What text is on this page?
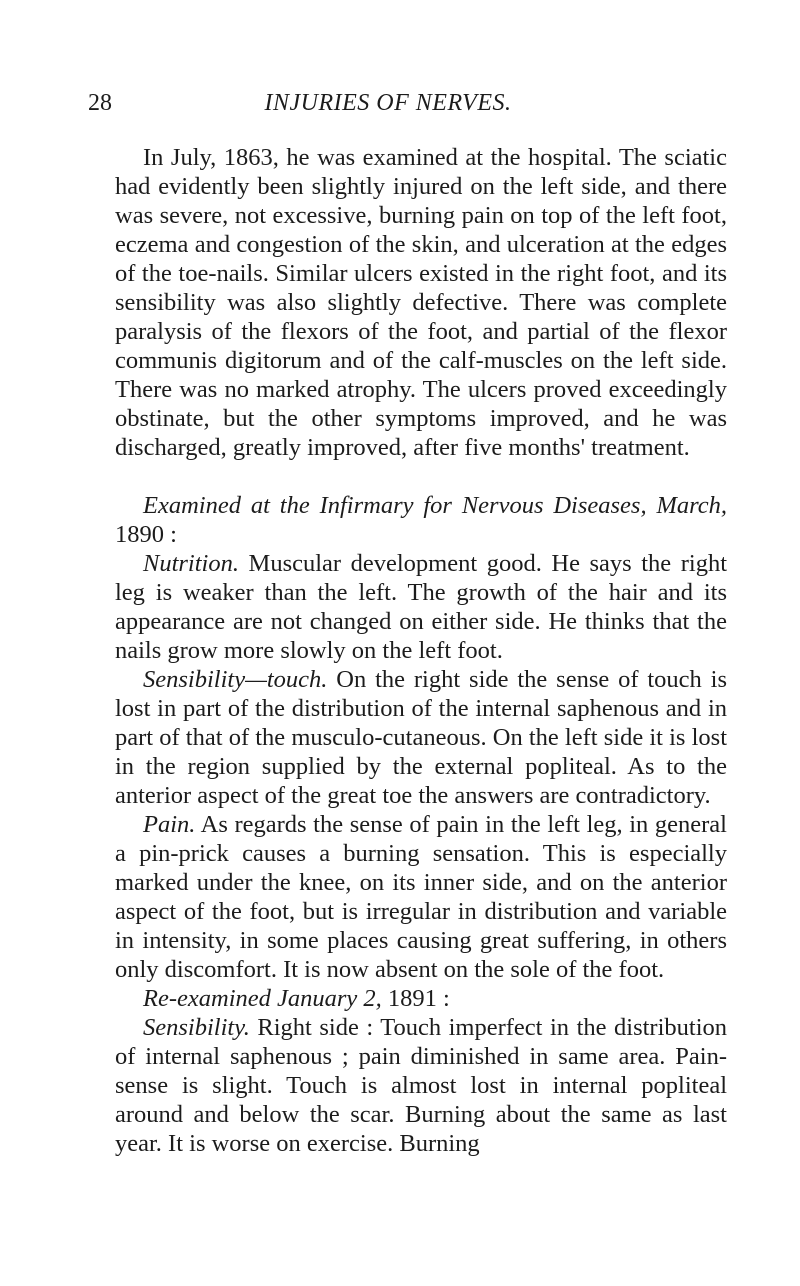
28	INJURIES OF NERVES.

In July, 1863, he was examined at the hospital. The sciatic had evidently been slightly injured on the left side, and there was severe, not excessive, burning pain on top of the left foot, eczema and congestion of the skin, and ulceration at the edges of the toe-nails. Similar ulcers existed in the right foot, and its sensibility was also slightly defective. There was complete paralysis of the flexors of the foot, and partial of the flexor communis digitorum and of the calf-muscles on the left side. There was no marked atrophy. The ulcers proved exceedingly obstinate, but the other symptoms improved, and he was discharged, greatly improved, after five months' treatment.

Examined at the Infirmary for Nervous Diseases, March, 1890 :

Nutrition. Muscular development good. He says the right leg is weaker than the left. The growth of the hair and its appearance are not changed on either side. He thinks that the nails grow more slowly on the left foot.

Sensibility—touch. On the right side the sense of touch is lost in part of the distribution of the internal saphenous and in part of that of the musculo-cutaneous. On the left side it is lost in the region supplied by the external popliteal. As to the anterior aspect of the great toe the answers are contradictory.

Pain. As regards the sense of pain in the left leg, in general a pin-prick causes a burning sensation. This is especially marked under the knee, on its inner side, and on the anterior aspect of the foot, but is irregular in distribution and variable in intensity, in some places causing great suffering, in others only discomfort. It is now absent on the sole of the foot.

Re-examined January 2, 1891 :

Sensibility. Right side : Touch imperfect in the distribution of internal saphenous ; pain diminished in same area. Pain-sense is slight. Touch is almost lost in internal popliteal around and below the scar. Burning about the same as last year. It is worse on exercise. Burning
